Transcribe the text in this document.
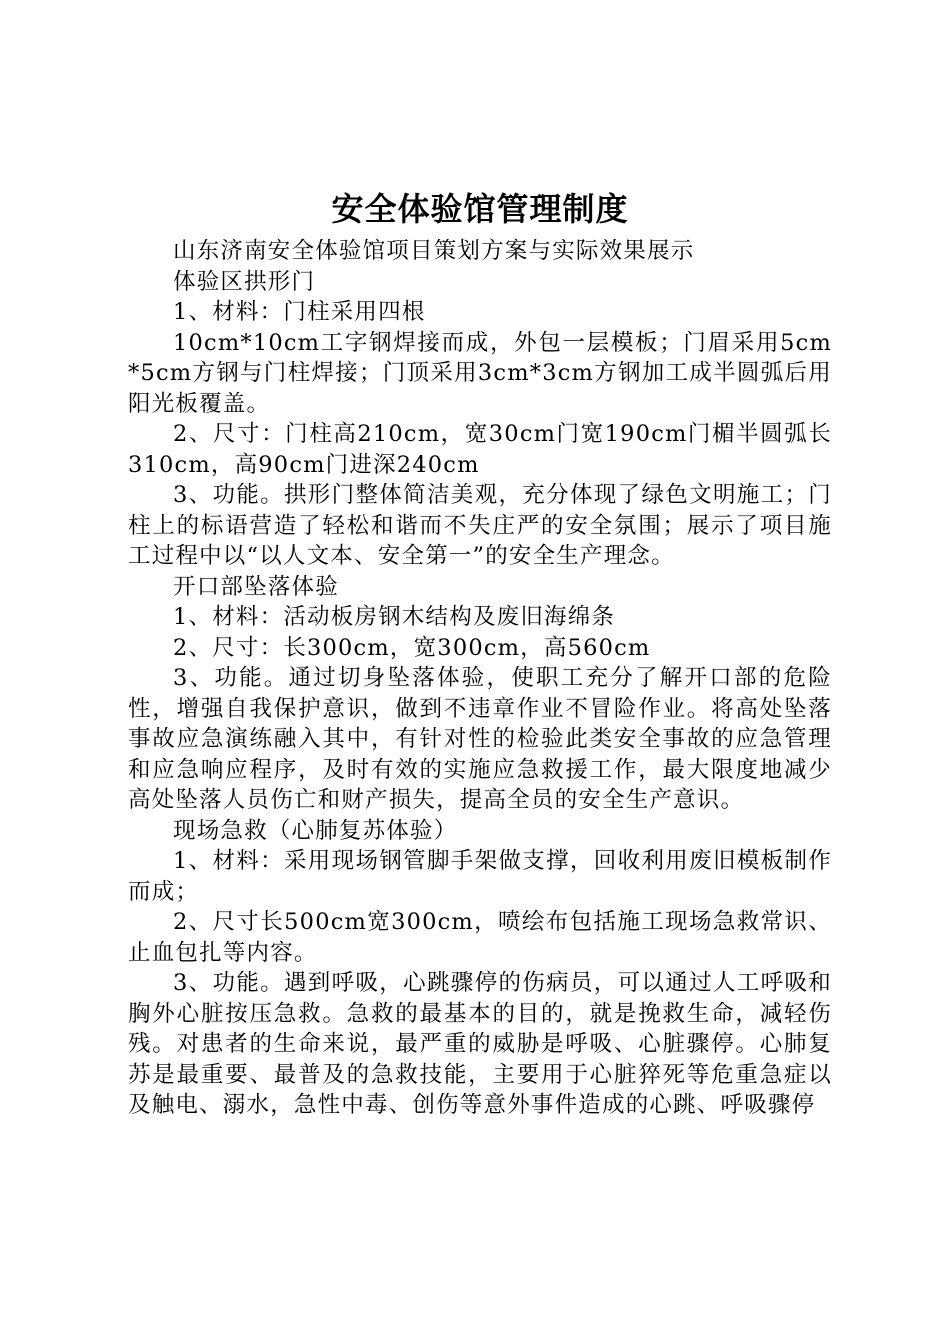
安全体验馆管理制度

山东济南安全体验馆项目策划方案与实际效果展示

体验区拱形门

1、材料：门柱采用四根

10cm*10cm工字钢焊接而成，外包一层模板；门眉采用5cm*5cm方钢与门柱焊接；门顶采用3cm*3cm方钢加工成半圆弧后用阳光板覆盖。

2、尺寸：门柱高210cm，宽30cm门宽190cm门楣半圆弧长310cm，高90cm门进深240cm

3、功能。拱形门整体简洁美观，充分体现了绿色文明施工；门柱上的标语营造了轻松和谐而不失庄严的安全氛围；展示了项目施工过程中以“以人文本、安全第一”的安全生产理念。

开口部坠落体验

1、材料：活动板房钢木结构及废旧海绵条

2、尺寸：长300cm，宽300cm，高560cm

3、功能。通过切身坠落体验，使职工充分了解开口部的危险性，增强自我保护意识，做到不违章作业不冒险作业。将高处坠落事故应急演练融入其中，有针对性的检验此类安全事故的应急管理和应急响应程序，及时有效的实施应急救援工作，最大限度地减少高处坠落人员伤亡和财产损失，提高全员的安全生产意识。

现场急救（心肺复苏体验）

1、材料：采用现场钢管脚手架做支撑，回收利用废旧模板制作而成；

2、尺寸长500cm宽300cm，喷绘布包括施工现场急救常识、止血包扎等内容。

3、功能。遇到呼吸，心跳骤停的伤病员，可以通过人工呼吸和胸外心脏按压急救。急救的最基本的目的，就是挽救生命，减轻伤残。对患者的生命来说，最严重的威胁是呼吸、心脏骤停。心肺复苏是最重要、最普及的急救技能，主要用于心脏猝死等危重急症以及触电、溺水，急性中毒、创伤等意外事件造成的心跳、呼吸骤停
